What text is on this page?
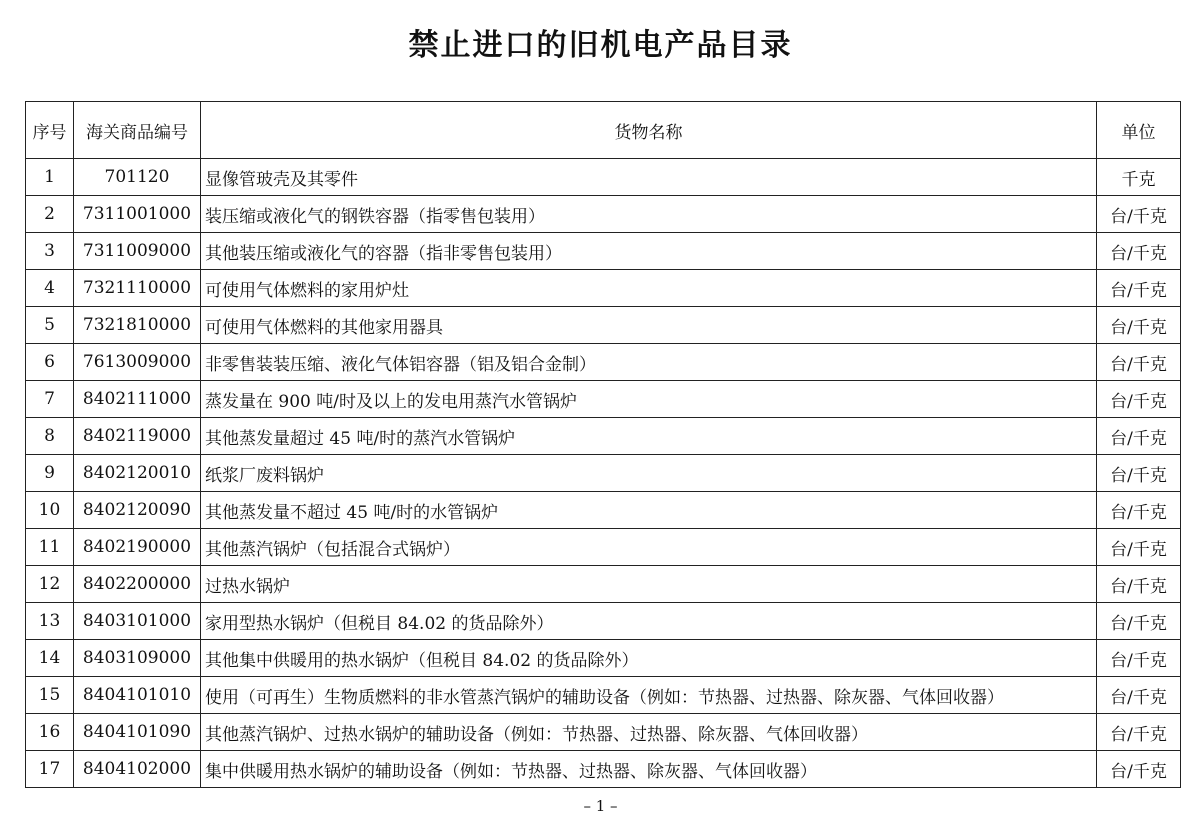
禁止进口的旧机电产品目录
序号	海关商品编号	货物名称	单位
1	701120	显像管玻壳及其零件	千克
2	7311001000	装压缩或液化气的钢铁容器（指零售包装用）	台/千克
3	7311009000	其他装压缩或液化气的容器（指非零售包装用）	台/千克
4	7321110000	可使用气体燃料的家用炉灶	台/千克
5	7321810000	可使用气体燃料的其他家用器具	台/千克
6	7613009000	非零售装装压缩、液化气体铝容器（铝及铝合金制）	台/千克
7	8402111000	蒸发量在 900 吨/时及以上的发电用蒸汽水管锅炉	台/千克
8	8402119000	其他蒸发量超过 45 吨/时的蒸汽水管锅炉	台/千克
9	8402120010	纸浆厂废料锅炉	台/千克
10	8402120090	其他蒸发量不超过 45 吨/时的水管锅炉	台/千克
11	8402190000	其他蒸汽锅炉（包括混合式锅炉）	台/千克
12	8402200000	过热水锅炉	台/千克
13	8403101000	家用型热水锅炉（但税目 84.02 的货品除外）	台/千克
14	8403109000	其他集中供暖用的热水锅炉（但税目 84.02 的货品除外）	台/千克
15	8404101010	使用（可再生）生物质燃料的非水管蒸汽锅炉的辅助设备（例如：节热器、过热器、除灰器、气体回收器）	台/千克
16	8404101090	其他蒸汽锅炉、过热水锅炉的辅助设备（例如：节热器、过热器、除灰器、气体回收器）	台/千克
17	8404102000	集中供暖用热水锅炉的辅助设备（例如：节热器、过热器、除灰器、气体回收器）	台/千克
– 1 –
